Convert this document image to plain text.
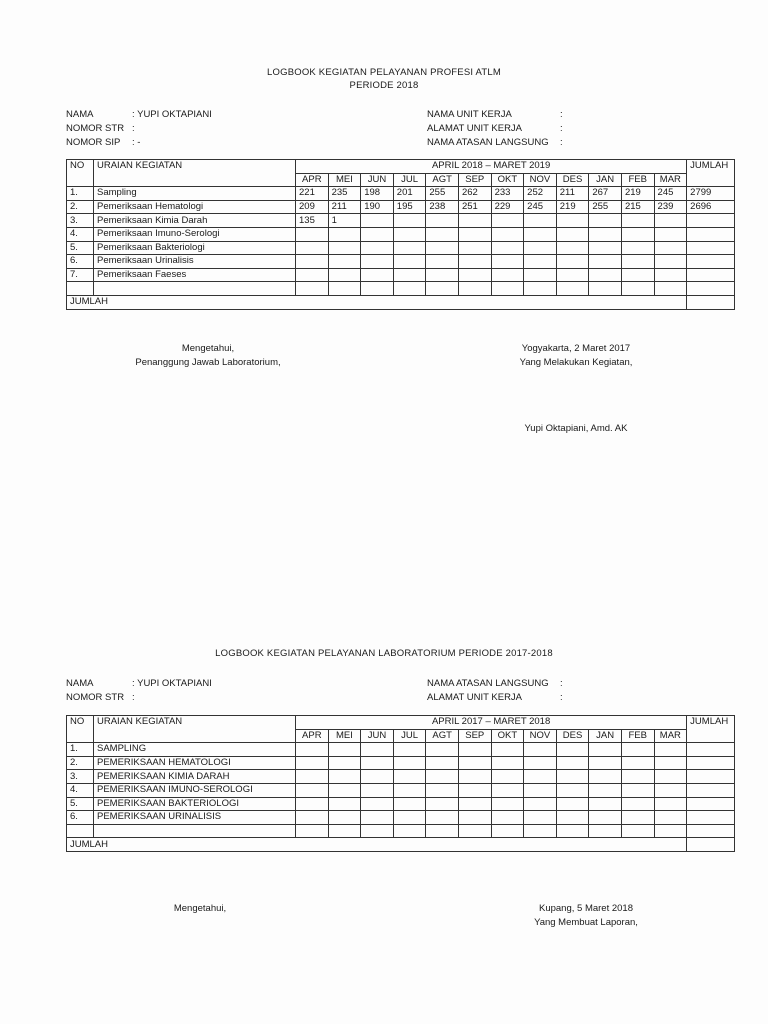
LOGBOOK KEGIATAN PELAYANAN PROFESI ATLM
PERIODE 2018
NAMA	: YUPI OKTAPIANI
NOMOR STR :
NOMOR SIP : -
NAMA UNIT KERJA	:
ALAMAT UNIT KERJA	:
NAMA ATASAN LANGSUNG :
NO	URAIAN KEGIATAN	APRIL 2018 – MARET 2019												JUMLAH
		APR	MEI	JUN	JUL	AGT	SEP	OKT	NOV	DES	JAN	FEB	MAR	
1.	Sampling	221	235	198	201	255	262	233	252	211	267	219	245	2799
2.	Pemeriksaan Hematologi	209	211	190	195	238	251	229	245	219	255	215	239	2696
3.	Pemeriksaan Kimia Darah	135	1											
4.	Pemeriksaan Imuno-Serologi													
5.	Pemeriksaan Bakteriologi													
6.	Pemeriksaan Urinalisis													
7.	Pemeriksaan Faeses													

JUMLAH														
Mengetahui,
Penanggung Jawab Laboratorium,
Yogyakarta, 2 Maret 2017
Yang Melakukan Kegiatan,
Yupi Oktapiani, Amd. AK
LOGBOOK KEGIATAN PELAYANAN LABORATORIUM PERIODE 2017-2018
NAMA	: YUPI OKTAPIANI
NOMOR STR :
NAMA ATASAN LANGSUNG :
ALAMAT UNIT KERJA	:
NO	URAIAN KEGIATAN	APRIL 2017 – MARET 2018												JUMLAH
		APR	MEI	JUN	JUL	AGT	SEP	OKT	NOV	DES	JAN	FEB	MAR	
1.	SAMPLING													
2.	PEMERIKSAAN HEMATOLOGI													
3.	PEMERIKSAAN KIMIA DARAH													
4.	PEMERIKSAAN IMUNO-SEROLOGI													
5.	PEMERIKSAAN BAKTERIOLOGI													
6.	PEMERIKSAAN URINALISIS													

JUMLAH														
Mengetahui,	Kupang, 5 Maret 2018
Yang Membuat Laporan,
